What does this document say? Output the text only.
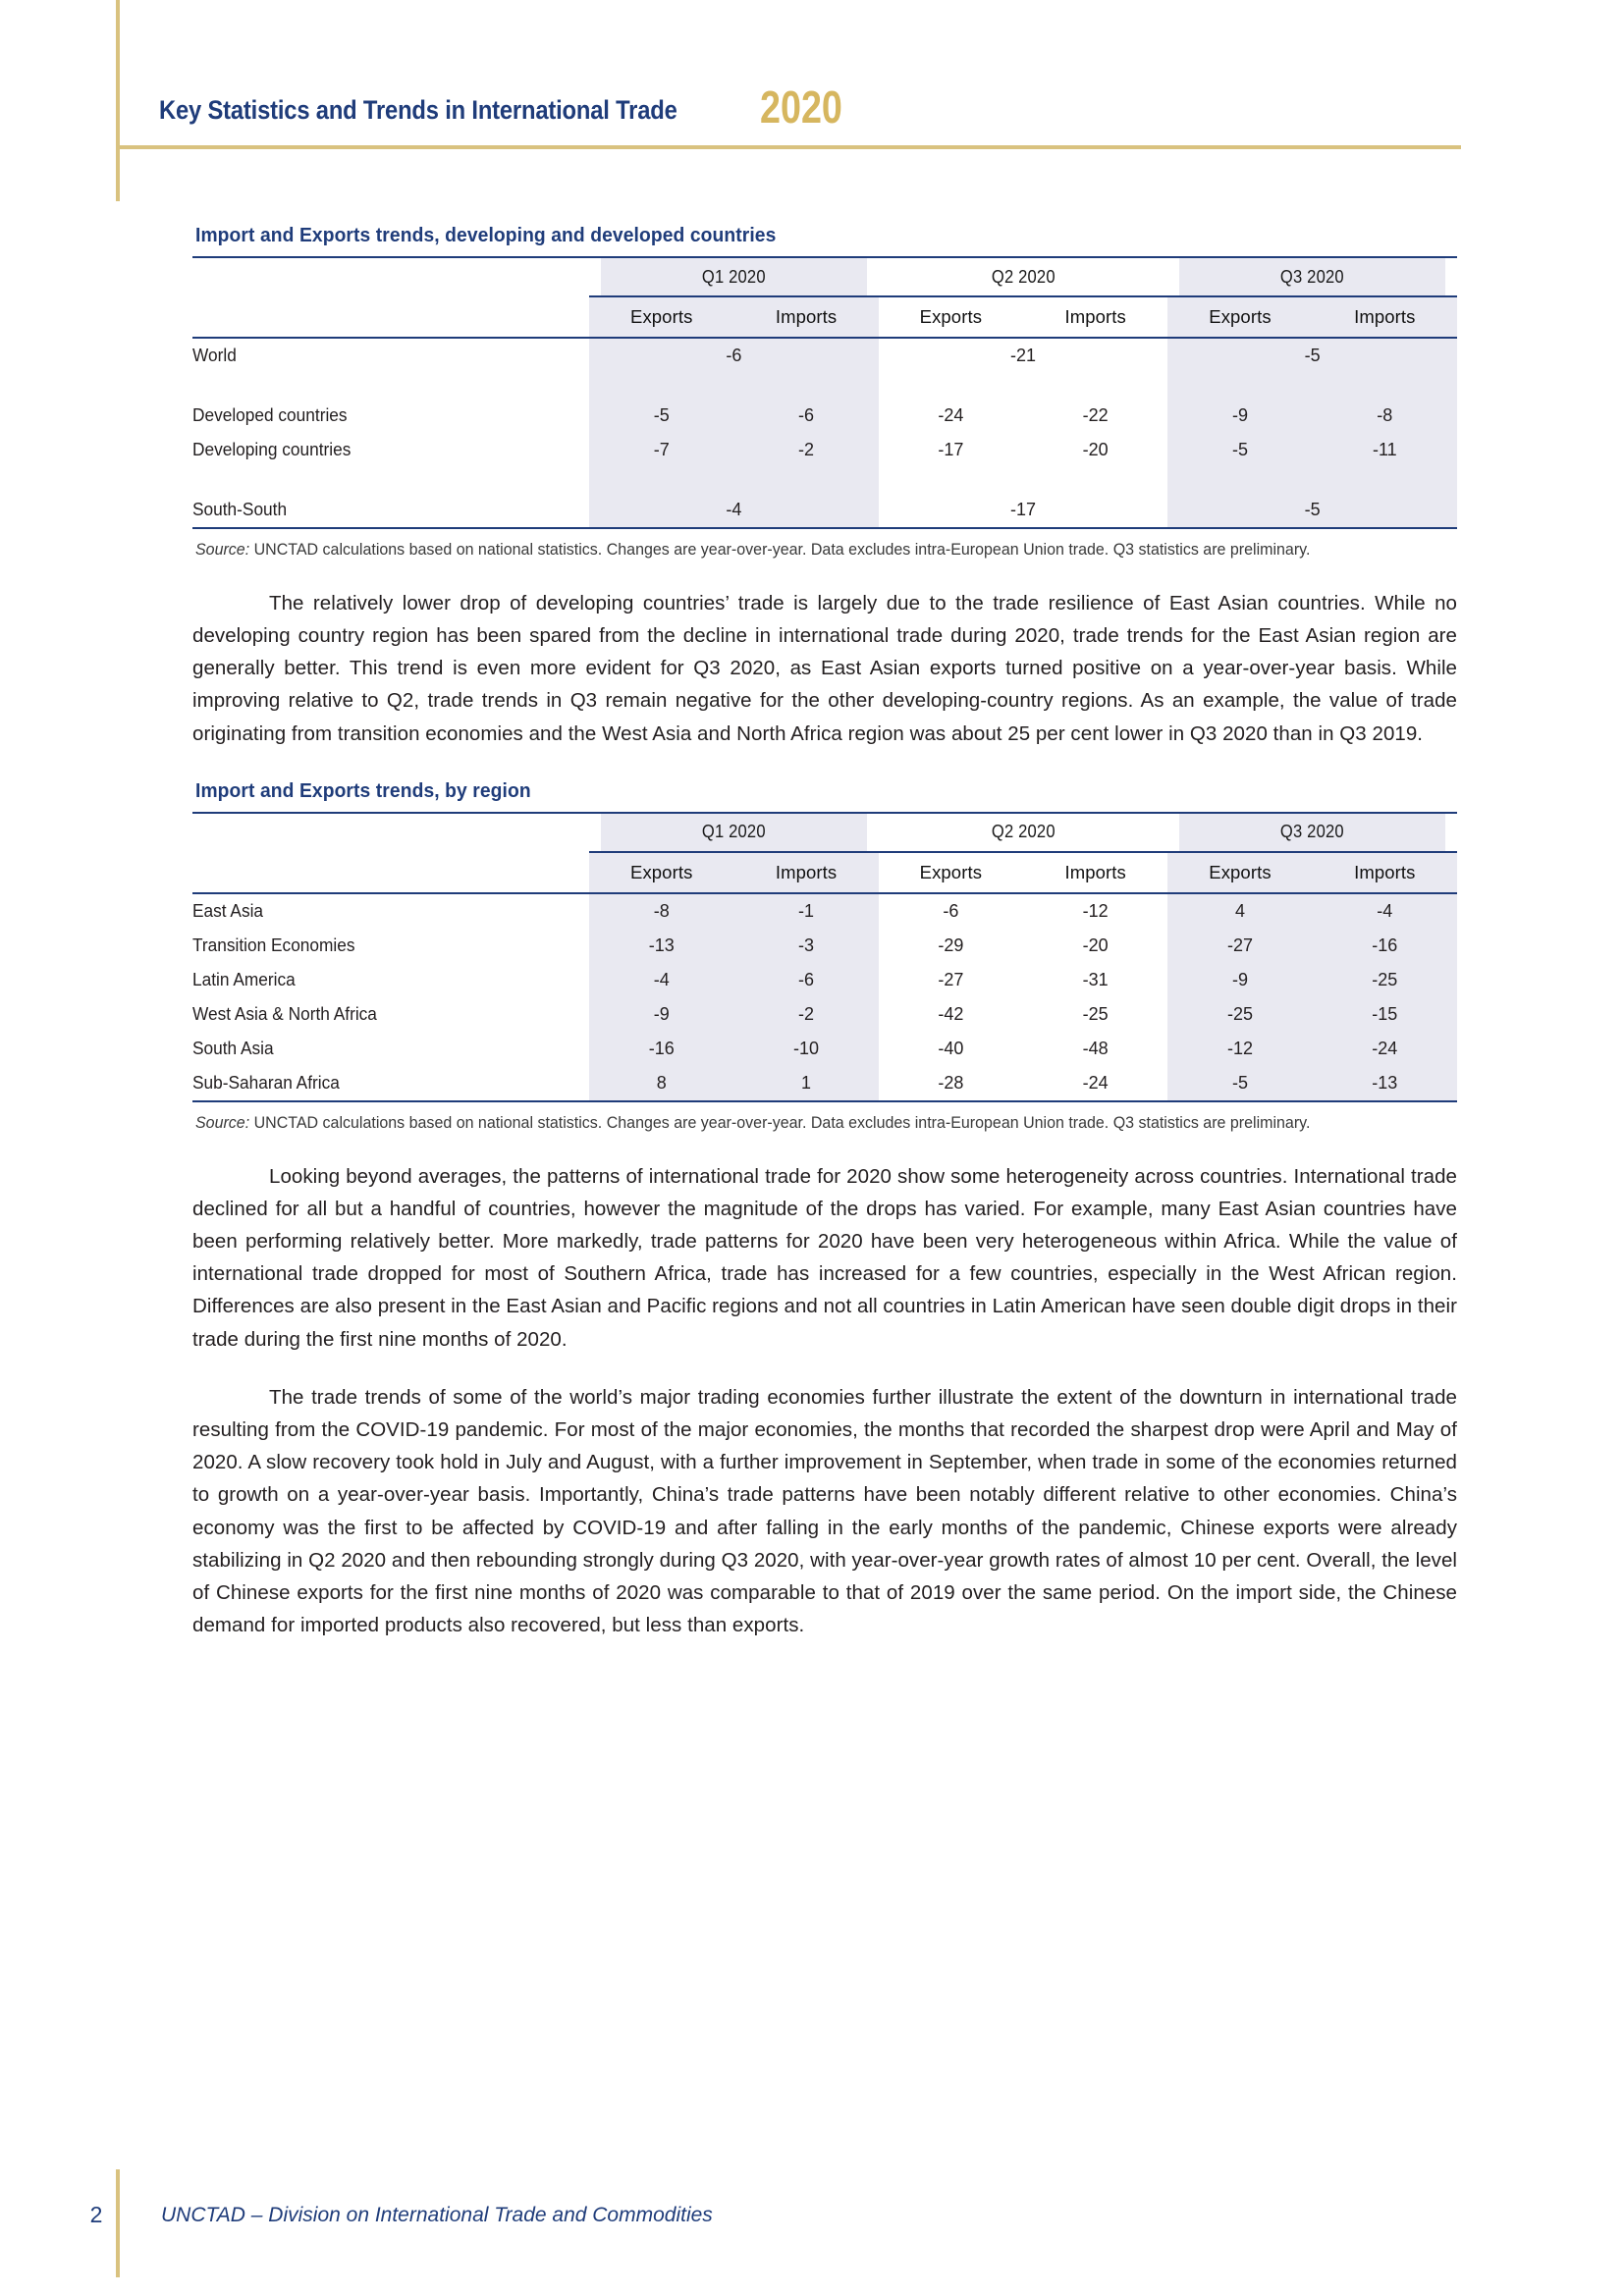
Key Statistics and Trends in International Trade 2020
Import and Exports trends, developing and developed countries
	Q1 2020		Q2 2020		Q3 2020	
	Exports	Imports	Exports	Imports	Exports	Imports
World	-6		-21		-5	

Developed countries	-5	-6	-24	-22	-9	-8
Developing countries	-7	-2	-17	-20	-5	-11

South-South	-4		-17		-5	
Source: UNCTAD calculations based on national statistics. Changes are year-over-year. Data excludes intra-European Union trade. Q3 statistics are preliminary.

The relatively lower drop of developing countries’ trade is largely due to the trade resilience of East Asian countries. While no developing country region has been spared from the decline in international trade during 2020, trade trends for the East Asian region are generally better. This trend is even more evident for Q3 2020, as East Asian exports turned positive on a year-over-year basis. While improving relative to Q2, trade trends in Q3 remain negative for the other developing-country regions. As an example, the value of trade originating from transition economies and the West Asia and North Africa region was about 25 per cent lower in Q3 2020 than in Q3 2019.

Import and Exports trends, by region
	Q1 2020		Q2 2020		Q3 2020	
	Exports	Imports	Exports	Imports	Exports	Imports
East Asia	-8	-1	-6	-12	4	-4
Transition Economies	-13	-3	-29	-20	-27	-16
Latin America	-4	-6	-27	-31	-9	-25
West Asia & North Africa	-9	-2	-42	-25	-25	-15
South Asia	-16	-10	-40	-48	-12	-24
Sub-Saharan Africa	8	1	-28	-24	-5	-13
Source: UNCTAD calculations based on national statistics. Changes are year-over-year. Data excludes intra-European Union trade. Q3 statistics are preliminary.

Looking beyond averages, the patterns of international trade for 2020 show some heterogeneity across countries. International trade declined for all but a handful of countries, however the magnitude of the drops has varied. For example, many East Asian countries have been performing relatively better. More markedly, trade patterns for 2020 have been very heterogeneous within Africa. While the value of international trade dropped for most of Southern Africa, trade has increased for a few countries, especially in the West African region. Differences are also present in the East Asian and Pacific regions and not all countries in Latin American have seen double digit drops in their trade during the first nine months of 2020.

The trade trends of some of the world’s major trading economies further illustrate the extent of the downturn in international trade resulting from the COVID-19 pandemic. For most of the major economies, the months that recorded the sharpest drop were April and May of 2020. A slow recovery took hold in July and August, with a further improvement in September, when trade in some of the economies returned to growth on a year-over-year basis. Importantly, China’s trade patterns have been notably different relative to other economies. China’s economy was the first to be affected by COVID-19 and after falling in the early months of the pandemic, Chinese exports were already stabilizing in Q2 2020 and then rebounding strongly during Q3 2020, with year-over-year growth rates of almost 10 per cent. Overall, the level of Chinese exports for the first nine months of 2020 was comparable to that of 2019 over the same period. On the import side, the Chinese demand for imported products also recovered, but less than exports.

2	UNCTAD – Division on International Trade and Commodities
